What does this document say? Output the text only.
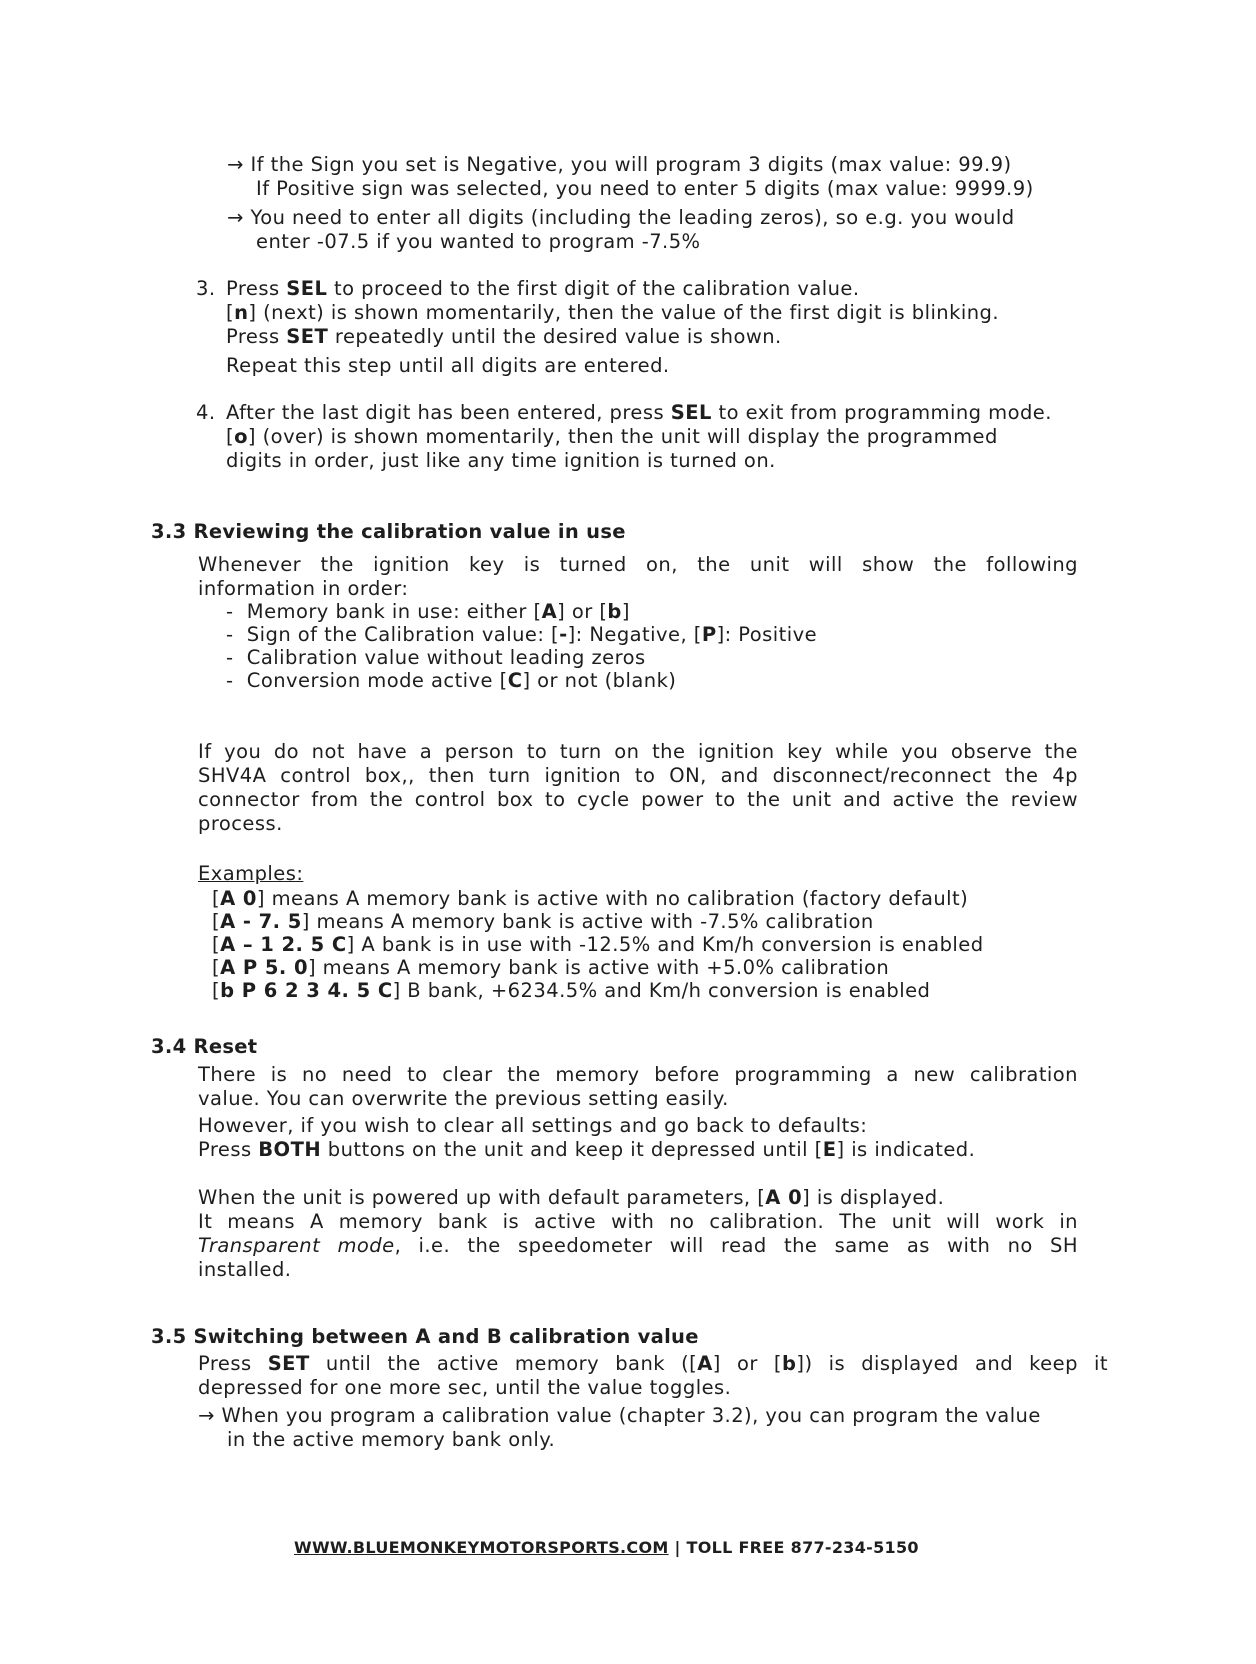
→ If the Sign you set is Negative, you will program 3 digits (max value: 99.9)
If Positive sign was selected, you need to enter 5 digits (max value: 9999.9)
→ You need to enter all digits (including the leading zeros), so e.g. you would
enter -07.5 if you wanted to program -7.5%
3. Press SEL to proceed to the first digit of the calibration value.
[n] (next) is shown momentarily, then the value of the first digit is blinking.
Press SET repeatedly until the desired value is shown.
Repeat this step until all digits are entered.
4. After the last digit has been entered, press SEL to exit from programming mode.
[o] (over) is shown momentarily, then the unit will display the programmed
digits in order, just like any time ignition is turned on.
3.3 Reviewing the calibration value in use
Whenever the ignition key is turned on, the unit will show the following
information in order:
-  Memory bank in use: either [A] or [b]
-  Sign of the Calibration value: [-]: Negative, [P]: Positive
-  Calibration value without leading zeros
-  Conversion mode active [C] or not (blank)
If you do not have a person to turn on the ignition key while you observe the
SHV4A control box,, then turn ignition to ON, and disconnect/reconnect the 4p
connector from the control box to cycle power to the unit and active the review
process.
Examples:
[A 0] means A memory bank is active with no calibration (factory default)
[A - 7. 5] means A memory bank is active with -7.5% calibration
[A – 1 2. 5 C] A bank is in use with -12.5% and Km/h conversion is enabled
[A P 5. 0] means A memory bank is active with +5.0% calibration
[b P 6 2 3 4. 5 C] B bank, +6234.5% and Km/h conversion is enabled
3.4 Reset
There is no need to clear the memory before programming a new calibration
value. You can overwrite the previous setting easily.
However, if you wish to clear all settings and go back to defaults:
Press BOTH buttons on the unit and keep it depressed until [E] is indicated.
When the unit is powered up with default parameters, [A 0] is displayed.
It means A memory bank is active with no calibration. The unit will work in
Transparent mode, i.e. the speedometer will read the same as with no SH
installed.
3.5 Switching between A and B calibration value
Press SET until the active memory bank ([A] or [b]) is displayed and keep it
depressed for one more sec, until the value toggles.
→ When you program a calibration value (chapter 3.2), you can program the value
in the active memory bank only.
WWW.BLUEMONKEYMOTORSPORTS.COM | TOLL FREE 877-234-5150
